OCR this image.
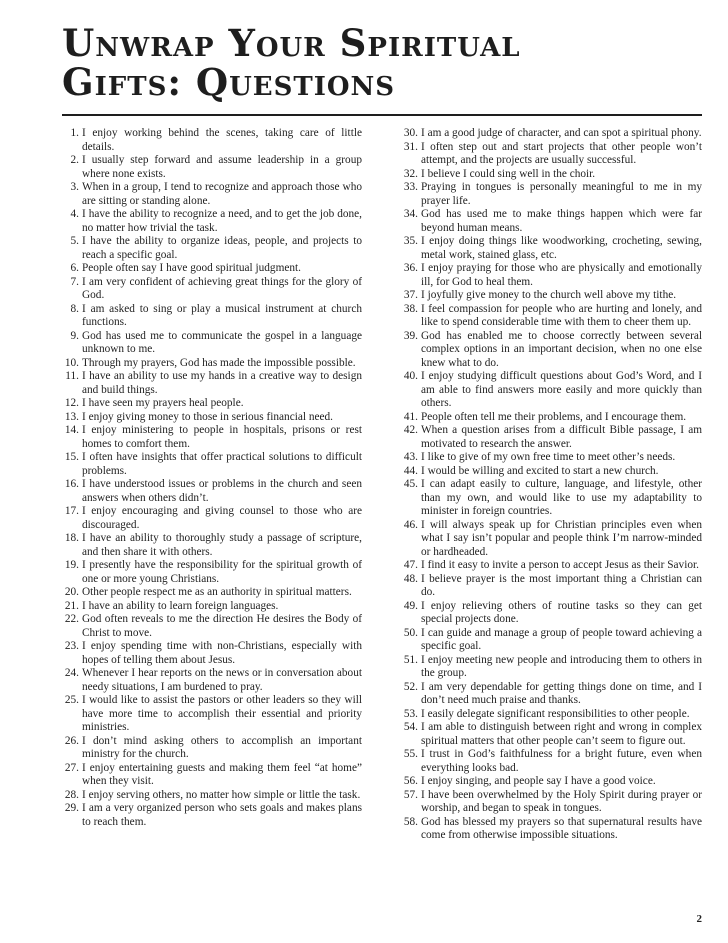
Unwrap Your Spiritual
Gifts: Questions
1. I enjoy working behind the scenes, taking care of little details.
2. I usually step forward and assume leadership in a group where none exists.
3. When in a group, I tend to recognize and approach those who are sitting or standing alone.
4. I have the ability to recognize a need, and to get the job done, no matter how trivial the task.
5. I have the ability to organize ideas, people, and projects to reach a specific goal.
6. People often say I have good spiritual judgment.
7. I am very confident of achieving great things for the glory of God.
8. I am asked to sing or play a musical instrument at church functions.
9. God has used me to communicate the gospel in a language unknown to me.
10. Through my prayers, God has made the impossible possible.
11. I have an ability to use my hands in a creative way to design and build things.
12. I have seen my prayers heal people.
13. I enjoy giving money to those in serious financial need.
14. I enjoy ministering to people in hospitals, prisons or rest homes to comfort them.
15. I often have insights that offer practical solutions to difficult problems.
16. I have understood issues or problems in the church and seen answers when others didn’t.
17. I enjoy encouraging and giving counsel to those who are discouraged.
18. I have an ability to thoroughly study a passage of scripture, and then share it with others.
19. I presently have the responsibility for the spiritual growth of one or more young Christians.
20. Other people respect me as an authority in spiritual matters.
21. I have an ability to learn foreign languages.
22. God often reveals to me the direction He desires the Body of Christ to move.
23. I enjoy spending time with non-Christians, especially with hopes of telling them about Jesus.
24. Whenever I hear reports on the news or in conversation about needy situations, I am burdened to pray.
25. I would like to assist the pastors or other leaders so they will have more time to accomplish their essential and priority ministries.
26. I don’t mind asking others to accomplish an important ministry for the church.
27. I enjoy entertaining guests and making them feel “at home” when they visit.
28. I enjoy serving others, no matter how simple or little the task.
29. I am a very organized person who sets goals and makes plans to reach them.
30. I am a good judge of character, and can spot a spiritual phony.
31. I often step out and start projects that other people won’t attempt, and the projects are usually successful.
32. I believe I could sing well in the choir.
33. Praying in tongues is personally meaningful to me in my prayer life.
34. God has used me to make things happen which were far beyond human means.
35. I enjoy doing things like woodworking, crocheting, sewing, metal work, stained glass, etc.
36. I enjoy praying for those who are physically and emotionally ill, for God to heal them.
37. I joyfully give money to the church well above my tithe.
38. I feel compassion for people who are hurting and lonely, and like to spend considerable time with them to cheer them up.
39. God has enabled me to choose correctly between several complex options in an important decision, when no one else knew what to do.
40. I enjoy studying difficult questions about God’s Word, and I am able to find answers more easily and more quickly than others.
41. People often tell me their problems, and I encourage them.
42. When a question arises from a difficult Bible passage, I am motivated to research the answer.
43. I like to give of my own free time to meet other’s needs.
44. I would be willing and excited to start a new church.
45. I can adapt easily to culture, language, and lifestyle, other than my own, and would like to use my adaptability to minister in foreign countries.
46. I will always speak up for Christian principles even when what I say isn’t popular and people think I’m narrow-minded or hardheaded.
47. I find it easy to invite a person to accept Jesus as their Savior.
48. I believe prayer is the most important thing a Christian can do.
49. I enjoy relieving others of routine tasks so they can get special projects done.
50. I can guide and manage a group of people toward achieving a specific goal.
51. I enjoy meeting new people and introducing them to others in the group.
52. I am very dependable for getting things done on time, and I don’t need much praise and thanks.
53. I easily delegate significant responsibilities to other people.
54. I am able to distinguish between right and wrong in complex spiritual matters that other people can’t seem to figure out.
55. I trust in God’s faithfulness for a bright future, even when everything looks bad.
56. I enjoy singing, and people say I have a good voice.
57. I have been overwhelmed by the Holy Spirit during prayer or worship, and began to speak in tongues.
58. God has blessed my prayers so that supernatural results have come from otherwise impossible situations.
2
